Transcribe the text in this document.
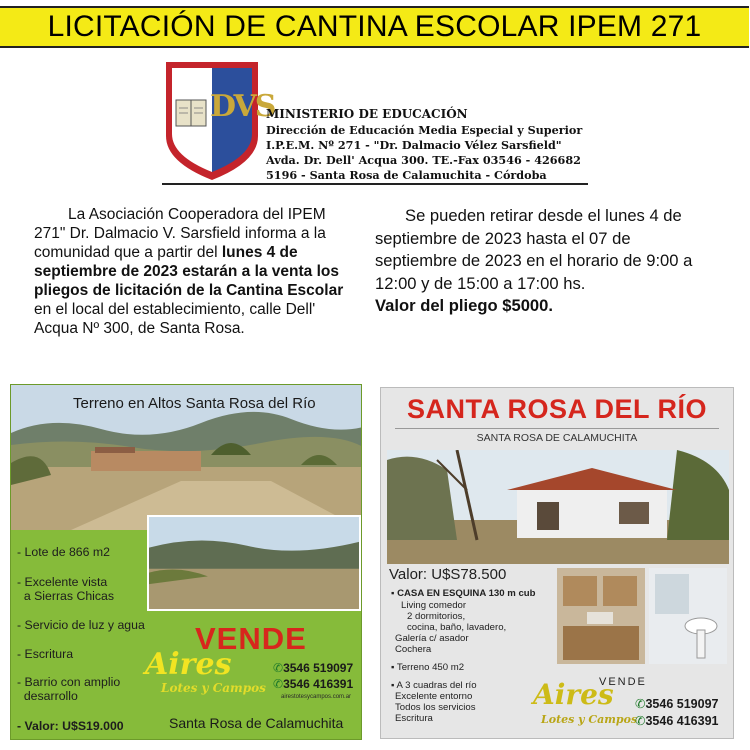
LICITACIÓN DE CANTINA ESCOLAR IPEM 271
DVS
MINISTERIO DE EDUCACIÓN
Dirección de Educación Media Especial y Superior
I.P.E.M. Nº 271 - "Dr. Dalmacio Vélez Sarsfield"
Avda. Dr. Dell' Acqua 300. TE.-Fax 03546 - 426682
5196 - Santa Rosa de Calamuchita - Córdoba
La Asociación Cooperadora del IPEM 271" Dr. Dalmacio V. Sarsfield informa a la comunidad que a partir del lunes 4 de septiembre de 2023 estarán a la venta los pliegos de licitación de la Cantina Escolar en el local del establecimiento, calle Dell' Acqua Nº 300, de Santa Rosa.
Se pueden retirar desde el lunes 4 de septiembre de 2023 hasta el 07 de septiembre de 2023 en el horario de 9:00 a 12:00 y de 15:00 a 17:00 hs.
Valor del pliego $5000.
Terreno en Altos Santa Rosa del Río
- Lote de 866 m2
- Excelente vista
a Sierras Chicas
- Servicio de luz y agua
- Escritura
- Barrio con amplio
desarrollo
- Valor: U$S19.000
VENDE
Aires
Lotes y Campos
✆3546 519097
✆3546 416391
airestotesycampos.com.ar
Santa Rosa de Calamuchita
SANTA ROSA DEL RÍO
SANTA ROSA DE CALAMUCHITA
Valor: U$S78.500
▪ CASA EN ESQUINA 130 m cub
Living comedor
2 dormitorios,
cocina, baño, lavadero,
Galería c/ asador
Cochera
▪ Terreno 450 m2
▪ A 3 cuadras del río
Excelente entorno
Todos los servicios
Escritura
VENDE
Aires
Lotes y Campos
✆3546 519097
✆3546 416391
